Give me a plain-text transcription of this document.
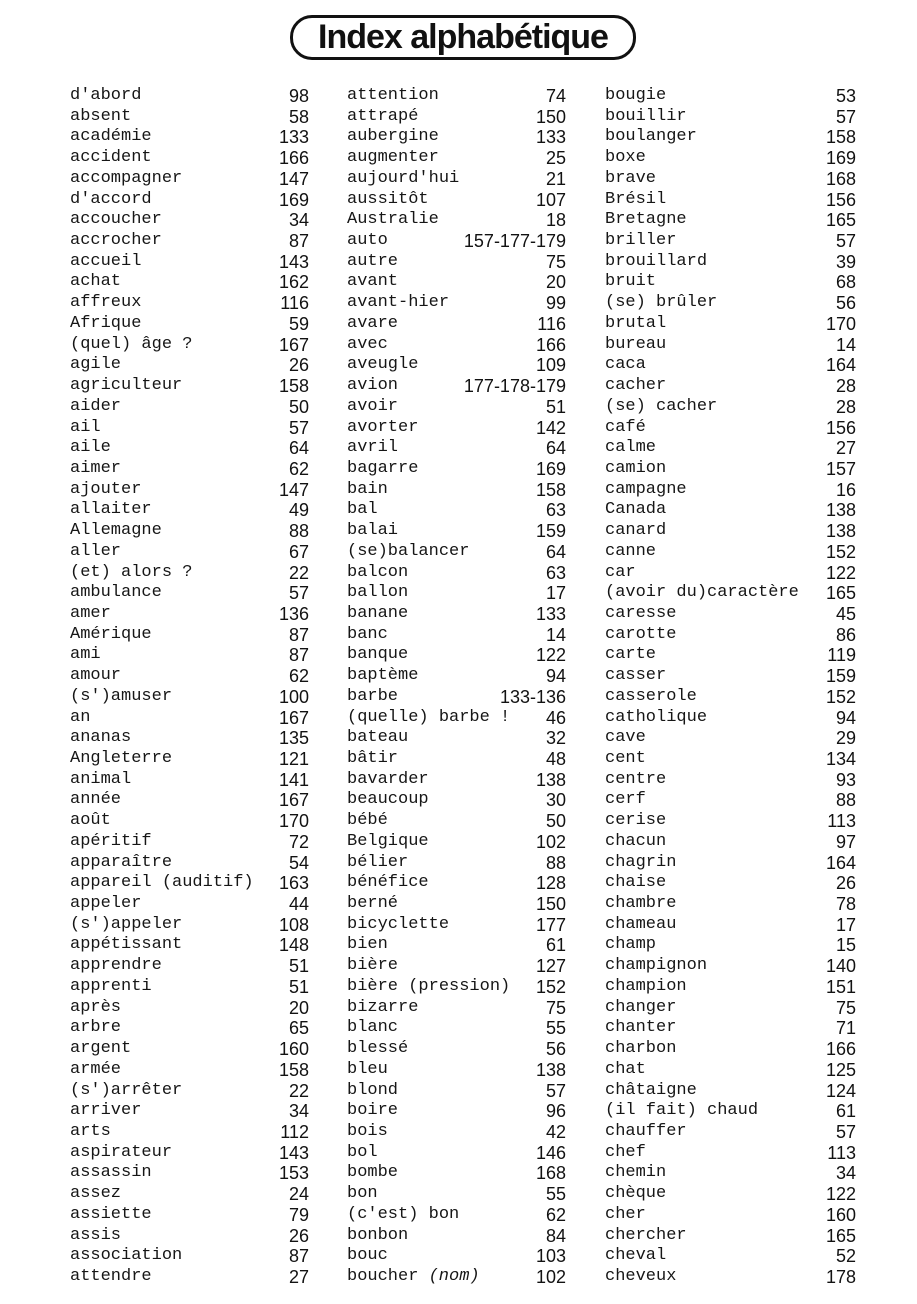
Index alphabétique
d'abord	98
absent	58
académie	133
accident	166
accompagner	147
d'accord	169
accoucher	34
accrocher	87
accueil	143
achat	162
affreux	116
Afrique	59
(quel) âge ?	167
agile	26
agriculteur	158
aider	50
ail	57
aile	64
aimer	62
ajouter	147
allaiter	49
Allemagne	88
aller	67
(et) alors ?	22
ambulance	57
amer	136
Amérique	87
ami	87
amour	62
(s')amuser	100
an	167
ananas	135
Angleterre	121
animal	141
année	167
août	170
apéritif	72
apparaître	54
appareil (auditif) 163
appeler	44
(s')appeler	108
appétissant	148
apprendre	51
apprenti	51
après	20
arbre	65
argent	160
armée	158
(s')arrêter	22
arriver	34
arts	112
aspirateur	143
assassin	153
assez	24
assiette	79
assis	26
association	87
attendre	27
attention	74
attrapé	150
aubergine	133
augmenter	25
aujourd'hui	21
aussitôt	107
Australie	18
auto	157-177-179
autre	75
avant	20
avant-hier	99
avare	116
avec	166
aveugle	109
avion	177-178-179
avoir	51
avorter	142
avril	64
bagarre	169
bain	158
bal	63
balai	159
(se)balancer	64
balcon	63
ballon	17
banane	133
banc	14
banque	122
baptème	94
barbe	133-136
(quelle) barbe ! 46
bateau	32
bâtir	48
bavarder	138
beaucoup	30
bébé	50
Belgique	102
bélier	88
bénéfice	128
berné	150
bicyclette	177
bien	61
bière	127
bière (pression) 152
bizarre	75
blanc	55
blessé	56
bleu	138
blond	57
boire	96
bois	42
bol	146
bombe	168
bon	55
(c'est) bon	62
bonbon	84
bouc	103
boucher (nom)	102
bougie	53
bouillir	57
boulanger	158
boxe	169
brave	168
Brésil	156
Bretagne	165
briller	57
brouillard	39
bruit	68
(se) brûler	56
brutal	170
bureau	14
caca	164
cacher	28
(se) cacher	28
café	156
calme	27
camion	157
campagne	16
Canada	138
canard	138
canne	152
car	122
(avoir du)caractère 165
caresse	45
carotte	86
carte	119
casser	159
casserole	152
catholique	94
cave	29
cent	134
centre	93
cerf	88
cerise	113
chacun	97
chagrin	164
chaise	26
chambre	78
chameau	17
champ	15
champignon	140
champion	151
changer	75
chanter	71
charbon	166
chat	125
châtaigne	124
(il fait) chaud	61
chauffer	57
chef	113
chemin	34
chèque	122
cher	160
chercher	165
cheval	52
cheveux	178
